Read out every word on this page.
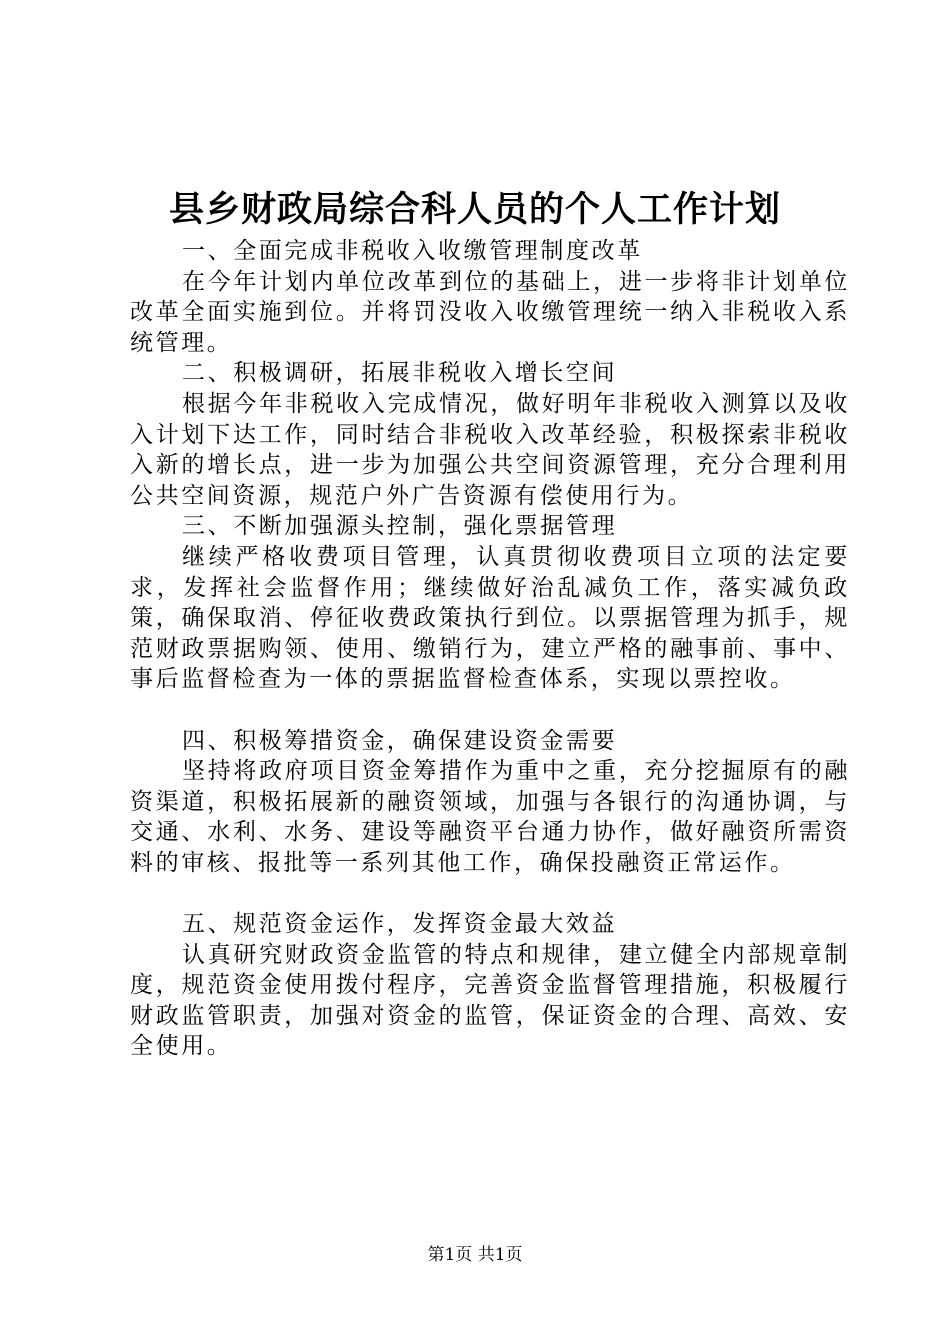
县乡财政局综合科人员的个人工作计划

一、全面完成非税收入收缴管理制度改革

在今年计划内单位改革到位的基础上，进一步将非计划单位改革全面实施到位。并将罚没收入收缴管理统一纳入非税收入系统管理。

二、积极调研，拓展非税收入增长空间

根据今年非税收入完成情况，做好明年非税收入测算以及收入计划下达工作，同时结合非税收入改革经验，积极探索非税收入新的增长点，进一步为加强公共空间资源管理，充分合理利用公共空间资源，规范户外广告资源有偿使用行为。

三、不断加强源头控制，强化票据管理

继续严格收费项目管理，认真贯彻收费项目立项的法定要求，发挥社会监督作用；继续做好治乱减负工作，落实减负政策，确保取消、停征收费政策执行到位。以票据管理为抓手，规范财政票据购领、使用、缴销行为，建立严格的融事前、事中、事后监督检查为一体的票据监督检查体系，实现以票控收。

四、积极筹措资金，确保建设资金需要

坚持将政府项目资金筹措作为重中之重，充分挖掘原有的融资渠道，积极拓展新的融资领域，加强与各银行的沟通协调，与交通、水利、水务、建设等融资平台通力协作，做好融资所需资料的审核、报批等一系列其他工作，确保投融资正常运作。

五、规范资金运作，发挥资金最大效益

认真研究财政资金监管的特点和规律，建立健全内部规章制度，规范资金使用拨付程序，完善资金监督管理措施，积极履行财政监管职责，加强对资金的监管，保证资金的合理、高效、安全使用。

第1页 共1页
